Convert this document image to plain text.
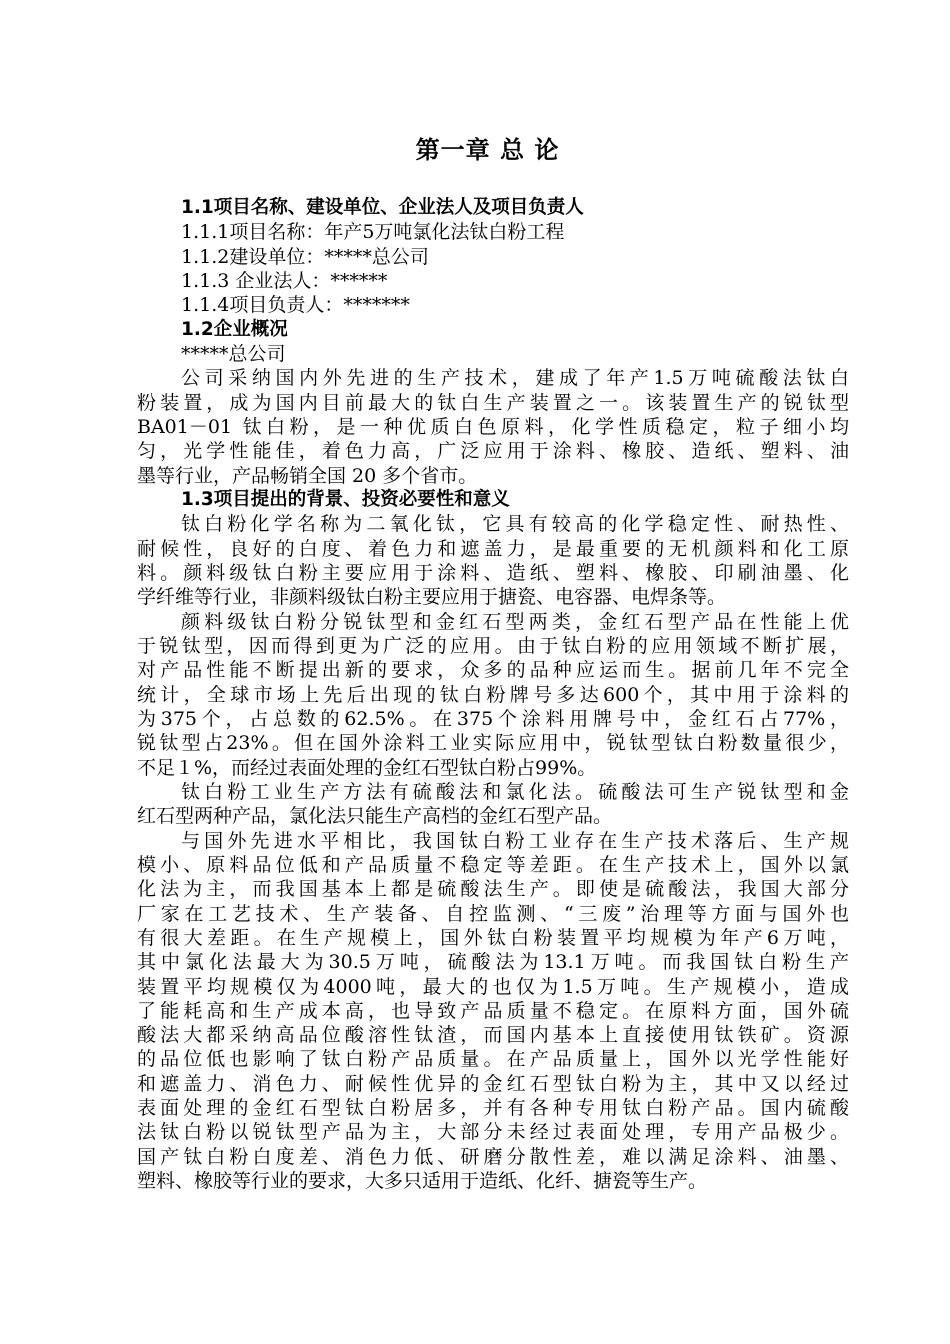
第一章 总 论
1.1项目名称、建设单位、企业法人及项目负责人
1.1.1项目名称：年产5万吨氯化法钛白粉工程
1.1.2建设单位：*****总公司
1.1.3 企业法人：******
1.1.4项目负责人：*******
1.2企业概况
*****总公司
公司采纳国内外先进的生产技术，建成了年产1.5万吨硫酸法钛白
粉装置，成为国内目前最大的钛白生产装置之一。该装置生产的锐钛型
BA01－01 钛白粉，是一种优质白色原料，化学性质稳定，粒子细小均
匀，光学性能佳，着色力高，广泛应用于涂料、橡胶、造纸、塑料、油
墨等行业，产品畅销全国 20 多个省市。
1.3项目提出的背景、投资必要性和意义
钛白粉化学名称为二氧化钛，它具有较高的化学稳定性、耐热性、
耐候性，良好的白度、着色力和遮盖力，是最重要的无机颜料和化工原
料。颜料级钛白粉主要应用于涂料、造纸、塑料、橡胶、印刷油墨、化
学纤维等行业，非颜料级钛白粉主要应用于搪瓷、电容器、电焊条等。
颜料级钛白粉分锐钛型和金红石型两类，金红石型产品在性能上优
于锐钛型，因而得到更为广泛的应用。由于钛白粉的应用领域不断扩展，
对产品性能不断提出新的要求，众多的品种应运而生。据前几年不完全
统计，全球市场上先后出现的钛白粉牌号多达600个，其中用于涂料的
为375个，占总数的62.5%。在375个涂料用牌号中，金红石占77%，
锐钛型占23%。但在国外涂料工业实际应用中，锐钛型钛白粉数量很少，
不足１%，而经过表面处理的金红石型钛白粉占99%。
钛白粉工业生产方法有硫酸法和氯化法。硫酸法可生产锐钛型和金
红石型两种产品，氯化法只能生产高档的金红石型产品。
与国外先进水平相比，我国钛白粉工业存在生产技术落后、生产规
模小、原料品位低和产品质量不稳定等差距。在生产技术上，国外以氯
化法为主，而我国基本上都是硫酸法生产。即使是硫酸法，我国大部分
厂家在工艺技术、生产装备、自控监测、“三废”治理等方面与国外也
有很大差距。在生产规模上，国外钛白粉装置平均规模为年产6万吨，
其中氯化法最大为30.5万吨，硫酸法为13.1万吨。而我国钛白粉生产
装置平均规模仅为4000吨，最大的也仅为1.5万吨。生产规模小，造成
了能耗高和生产成本高，也导致产品质量不稳定。在原料方面，国外硫
酸法大都采纳高品位酸溶性钛渣，而国内基本上直接使用钛铁矿。资源
的品位低也影响了钛白粉产品质量。在产品质量上，国外以光学性能好
和遮盖力、消色力、耐候性优异的金红石型钛白粉为主，其中又以经过
表面处理的金红石型钛白粉居多，并有各种专用钛白粉产品。国内硫酸
法钛白粉以锐钛型产品为主，大部分未经过表面处理，专用产品极少。
国产钛白粉白度差、消色力低、研磨分散性差，难以满足涂料、油墨、
塑料、橡胶等行业的要求，大多只适用于造纸、化纤、搪瓷等生产。
